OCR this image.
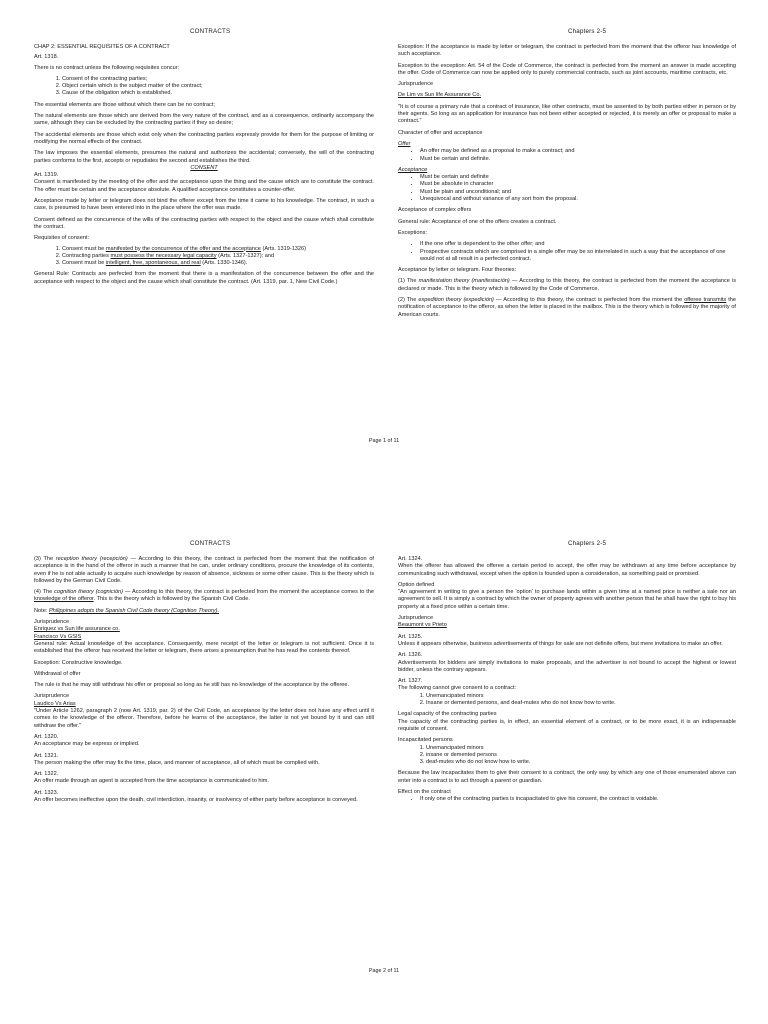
CONTRACTS	Chapters 2-5

CHAP 2: ESSENTIAL REQUISITES OF A CONTRACT

Art. 1318.

There is no contract unless the following requisites concur:

1. Consent of the contracting parties;
2. Object certain which is the subject matter of the contract;
3. Cause of the obligation which is established.

The essential elements are those without which there can be no contract;

The natural elements are those which are derived from the very nature of the contract, and as a consequence, ordinarily accompany the same, although they can be excluded by the contracting parties if they so desire;

The accidental elements are those which exist only when the contracting parties expressly provide for them for the purpose of limiting or modifying the normal effects of the contract.

The law imposes the essential elements, presumes the natural and authorizes the accidental; conversely, the will of the contracting parties conforms to the first, accepts or repudiates the second and establishes the third.

CONSENT

Art. 1319.

Consent is manifested by the meeting of the offer and the acceptance upon the thing and the cause which are to constitute the contract. The offer must be certain and the acceptance absolute. A qualified acceptance constitutes a counter-offer.

Acceptance made by letter or telegram does not bind the offerer except from the time it came to his knowledge. The contract, in such a case, is presumed to have been entered into in the place where the offer was made.

Consent defined as the concurrence of the wills of the contracting parties with respect to the object and the cause which shall constitute the contract.

Requisites of consent:

1. Consent must be manifested by the concurrence of the offer and the acceptance (Arts. 1319-1326)
2. Contracting parties must possess the necessary legal capacity (Arts. 1327-1327); and
3. Consent must be intelligent, free, spontaneous, and real (Arts. 1330-1346).

General Rule: Contracts are perfected from the moment that there is a manifestation of the concurrence between the offer and the acceptance with respect to the object and the cause which shall constitute the contract. (Art. 1319, par. 1, New Civil Code.)

Exception: If the acceptance is made by letter or telegram, the contract is perfected from the moment that the offeror has knowledge of such acceptance.

Exception to the exception: Art. 54 of the Code of Commerce, the contract is perfected from the moment an answer is made accepting the offer. Code of Commerce can now be applied only to purely commercial contracts, such as joint accounts, maritime contracts, etc.

Jurisprudence

De Lim vs Sun life Assurance Co.

"It is of course a primary rule that a contract of insurance, like other contracts, must be assented to by both parties either in person or by their agents. So long as an application for insurance has not been either accepted or rejected, it is merely an offer or proposal to make a contract."

Character of offer and acceptance

Offer

• An offer may be defined as a proposal to make a contract; and
• Must be certain and definite.

Acceptance

• Must be certain and definite
• Must be absolute in character
• Must be plain and unconditional; and
• Unequivocal and without variance of any sort from the proposal.

Acceptance of complex offers

General rule: Acceptance of one of the offers creates a contract.

Exceptions:

• If the one offer is dependent to the other offer; and
• Prospective contracts which are comprised in a single offer may be so interrelated in such a way that the acceptance of one would not at all result in a perfected contract.

Acceptance by letter or telegram. Four theories:

(1) The manifestation theory (manifestación) — According to this theory, the contract is perfected from the moment the acceptance is declared or made. This is the theory which is followed by the Code of Commerce.

(2) The expedition theory (expedición) — According to this theory, the contract is perfected from the moment the offeree transmits the notification of acceptance to the offeror, as when the letter is placed in the mailbox. This is the theory which is followed by the majority of American courts.

Page 1 of 11
CONTRACTS	Chapters 2-5

(3) The reception theory (recepción) — According to this theory, the contract is perfected from the moment that the notification of acceptance is in the hand of the offeror in such a manner that he can, under ordinary conditions, procure the knowledge of its contents, even if he is not able actually to acquire such knowledge by reason of absence, sickness or some other cause. This is the theory which is followed by the German Civil Code.

(4) The cognition theory (cognición) — According to this theory, the contract is perfected from the moment the acceptance comes to the knowledge of the offeror. This is the theory which is followed by the Spanish Civil Code.

Note: Philippines adopts the Spanish Civil Code theory (Cognition Theory).

Jurisprudence

Enriquez vs Sun life assurance co.

Francisco Vs GSIS

General rule: Actual knowledge of the acceptance. Consequently, mere receipt of the letter or telegram is not sufficient. Once it is established that the offeror has received the letter or telegram, there arises a presumption that he has read the contents thereof.

Exception: Constructive knowledge.

Withdrawal of offer

The rule is that he may still withdraw his offer or proposal so long as he still has no knowledge of the acceptance by the offeree.

Jurisprudence

Laudico Vs Arias

"Under Article 1262, paragraph 2 (now Art. 1319, par. 2) of the Civil Code, an acceptance by the letter does not have any effect until it comes to the knowledge of the offeror. Therefore, before he learns of the acceptance, the latter is not yet bound by it and can still withdraw the offer."

Art. 1320.

An acceptance may be express or implied.

Art. 1321.

The person making the offer may fix the time, place, and manner of acceptance, all of which must be complied with.

Art. 1322.

An offer made through an agent is accepted from the time acceptance is communicated to him.

Art. 1323.

An offer becomes ineffective upon the death, civil interdiction, insanity, or insolvency of either party before acceptance is conveyed.

Art. 1324.

When the offerer has allowed the offeree a certain period to accept, the offer may be withdrawn at any time before acceptance by communicating such withdrawal, except when the option is founded upon a consideration, as something paid or promised.

Option defined

"An agreement in writing to give a person the 'option' to purchase lands within a given time at a named price is neither a sale nor an agreement to sell. It is simply a contract by which the owner of property agrees with another person that he shall have the right to buy his property at a fixed price within a certain time.

Jurisprudence

Beaumont vs Prieto

Art. 1325.

Unless it appears otherwise, business advertisements of things for sale are not definite offers, but mere invitations to make an offer.

Art. 1326.

Advertisements for bidders are simply invitations to make proposals, and the advertiser is not bound to accept the highest or lowest bidder, unless the contrary appears.

Art. 1327.

The following cannot give consent to a contract:

1. Unemancipated minors
2. Insane or demented persons, and deaf-mutes who do not know how to write.

Legal capacity of the contracting parties

The capacity of the contracting parties is, in effect, an essential element of a contract, or to be more exact, it is an indispensable requisite of consent.

Incapacitated persons

1. Unemancipated minors
2. insane or demented persons
3. deaf-mutes who do not know how to write.

Because the law incapacitates them to give their consent to a contract, the only way by which any one of those enumerated above can enter into a contract is to act through a parent or guardian.

Effect on the contract

• If only one of the contracting parties is incapacitated to give his consent, the contract is voidable.
Page 2 of 11
